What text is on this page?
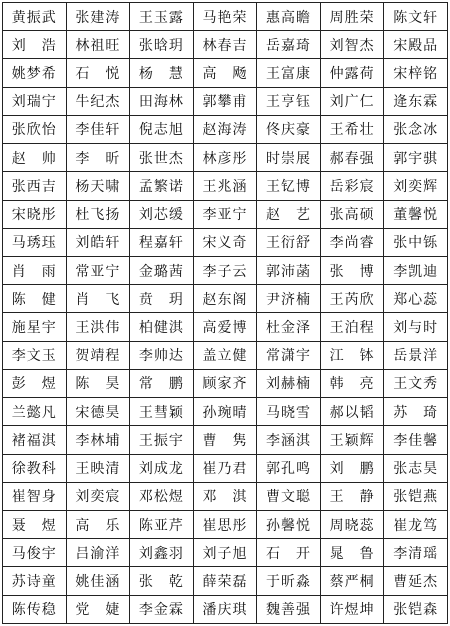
黄振武	张建涛	王玉露	马艳荣	惠高瞻	周胜荣	陈文轩
刘　浩	林祖旺	张晗玥	林春吉	岳嘉琦	刘智杰	宋殿品
姚梦希	石　悦	杨　慧	高　飏	王富康	仲露荷	宋梓铭
刘瑞宁	牛纪杰	田海林	郭攀甫	王亨钰	刘广仁	逄东霖
张欣怡	李佳轩	倪志旭	赵海涛	佟庆豪	王希壮	张念冰
赵　帅	李　昕	张世杰	林彦彤	时崇展	郝春强	郭宇骐
张西吉	杨天啸	孟繁诺	王兆涵	王钇博	岳彩宸	刘奕辉
宋晓彤	杜飞扬	刘芯缓	李亚宁	赵　艺	张高硕	董馨悦
马琇珏	刘皓轩	程嘉轩	宋义奇	王衍舒	李尚睿	张中铄
肖　雨	常亚宁	金璐茜	李子云	郭沛菡	张　博	李凯迪
陈　健	肖　飞	贲　玥	赵东阁	尹济楠	王芮欣	郑心蕊
施星宇	王洪伟	柏健淇	高爱博	杜金泽	王泊程	刘与时
李文玉	贺靖程	李帅达	盖立健	常潇宇	江　钵	岳景洋
彭　煜	陈　昊	常　鹏	顾家齐	刘赫楠	韩　亮	王文秀
兰懿凡	宋德昊	王彗颖	孙琬晴	马晓雪	郝以韬	苏　琦
褚福淇	李林埔	王振宇	曹　隽	李涵淇	王颖辉	李佳馨
徐教科	王映清	刘成龙	崔乃君	郭孔鸣	刘　鹏	张志昊
崔智身	刘奕宸	邓松煜	邓　淇	曹文聪	王　静	张铠燕
聂　煜	高　乐	陈亚芹	崔思彤	孙馨悦	周晓蕊	崔龙笃
马俊宇	吕渝洋	刘鑫羽	刘子旭	石　开	晁　鲁	李清瑶
苏诗童	姚佳涵	张　乾	薛荣磊	于昕淼	蔡严桐	曹延杰
陈传稳	党　婕	李金霖	潘庆琪	魏善强	许煜坤	张铠森
